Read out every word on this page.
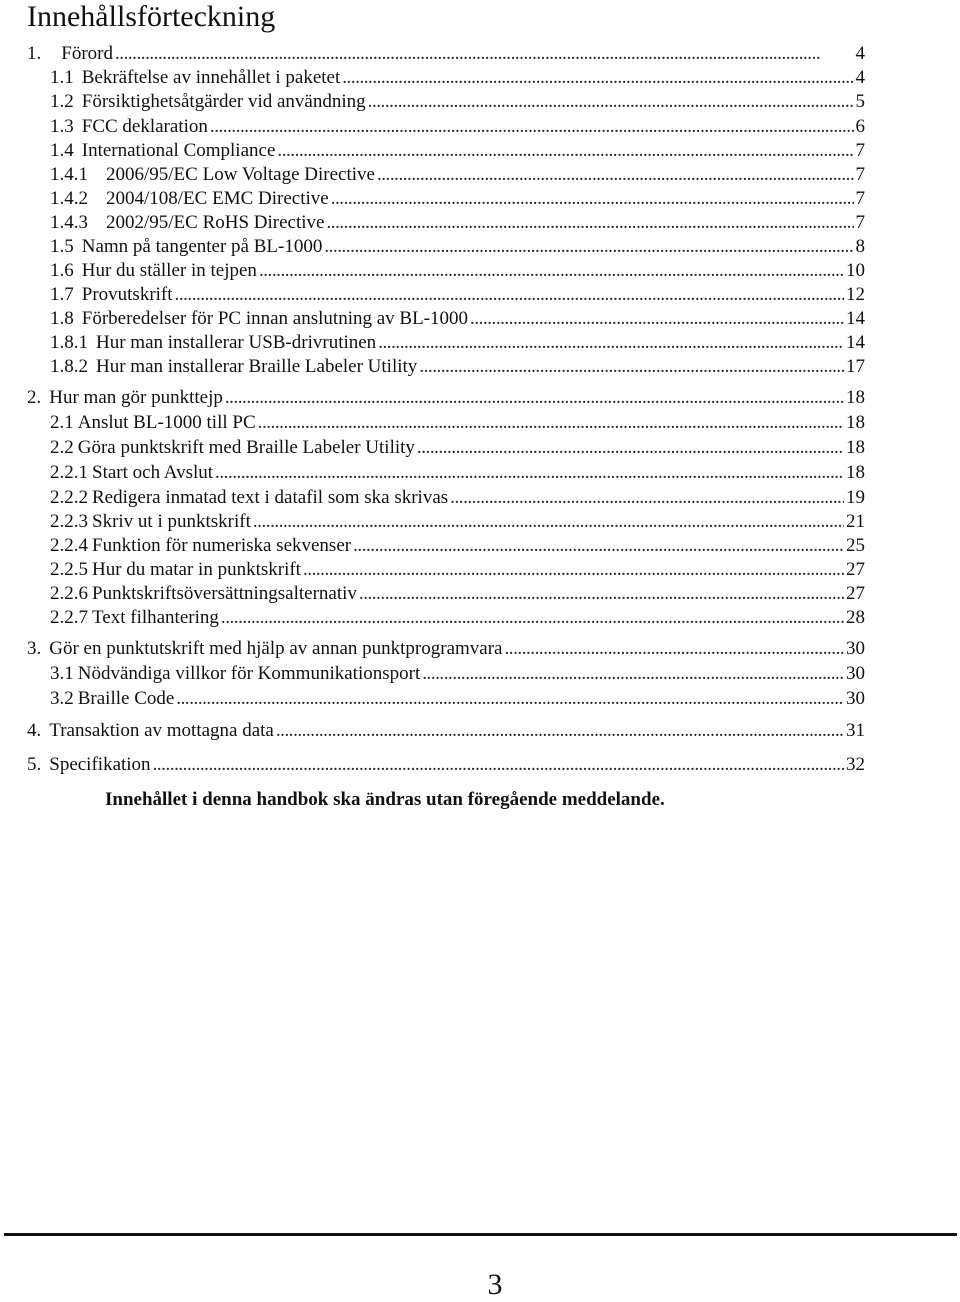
Innehållsförteckning
1. Förord . . .	4
1.1 Bekräftelse av innehållet i paketet . . .	4
1.2 Försiktighetsåtgärder vid användning . . .	5
1.3 FCC deklaration . . .	6
1.4 International Compliance . . .	7
1.4.1 2006/95/EC Low Voltage Directive . . .	7
1.4.2 2004/108/EC EMC Directive . . .	7
1.4.3 2002/95/EC RoHS Directive . . .	7
1.5 Namn på tangenter på BL-1000 . . .	8
1.6 Hur du ställer in tejpen . . .	10
1.7 Provutskrift . . .	12
1.8 Förberedelser för PC innan anslutning av BL-1000 . . .	14
1.8.1 Hur man installerar USB-drivrutinen . . .	14
1.8.2 Hur man installerar Braille Labeler Utility . . .	17
2. Hur man gör punkttejp . . .	18
2.1 Anslut BL-1000 till PC . . .	18
2.2 Göra punktskrift med Braille Labeler Utility . . .	18
2.2.1 Start och Avslut . . .	18
2.2.2 Redigera inmatad text i datafil som ska skrivas . . .	19
2.2.3 Skriv ut i punktskrift . . .	21
2.2.4 Funktion för numeriska sekvenser . . .	25
2.2.5 Hur du matar in punktskrift . . .	27
2.2.6 Punktskriftsöversättningsalternativ . . .	27
2.2.7 Text filhantering . . .	28
3. Gör en punktutskrift med hjälp av annan punktprogramvara . . .	30
3.1 Nödvändiga villkor för Kommunikationsport . . .	30
3.2 Braille Code . . .	30
4. Transaktion av mottagna data . . .	31
5. Specifikation . . .	32
Innehållet i denna handbok ska ändras utan föregående meddelande.
3
